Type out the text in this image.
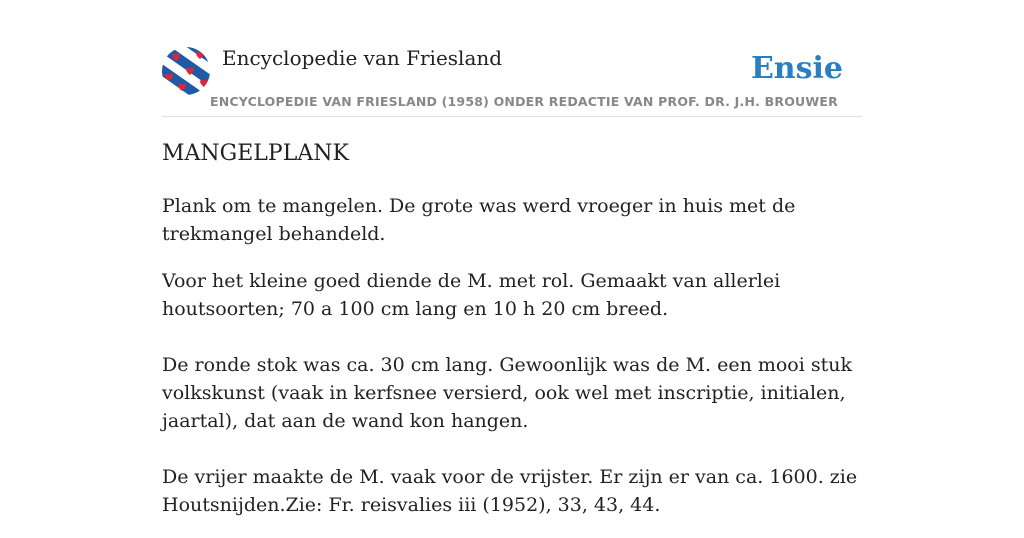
Encyclopedie van Friesland
ENCYCLOPEDIE VAN FRIESLAND (1958) ONDER REDACTIE VAN PROF. DR. J.H. BROUWER
Ensie
MANGELPLANK

Plank om te mangelen. De grote was werd vroeger in huis met de trekmangel behandeld.

Voor het kleine goed diende de M. met rol. Gemaakt van allerlei houtsoorten; 70 a 100 cm lang en 10 h 20 cm breed.

De ronde stok was ca. 30 cm lang. Gewoonlijk was de M. een mooi stuk volkskunst (vaak in kerfsnee versierd, ook wel met inscriptie, initialen, jaartal), dat aan de wand kon hangen.

De vrijer maakte de M. vaak voor de vrijster. Er zijn er van ca. 1600. zie Houtsnijden.Zie: Fr. reisvalies iii (1952), 33, 43, 44.
